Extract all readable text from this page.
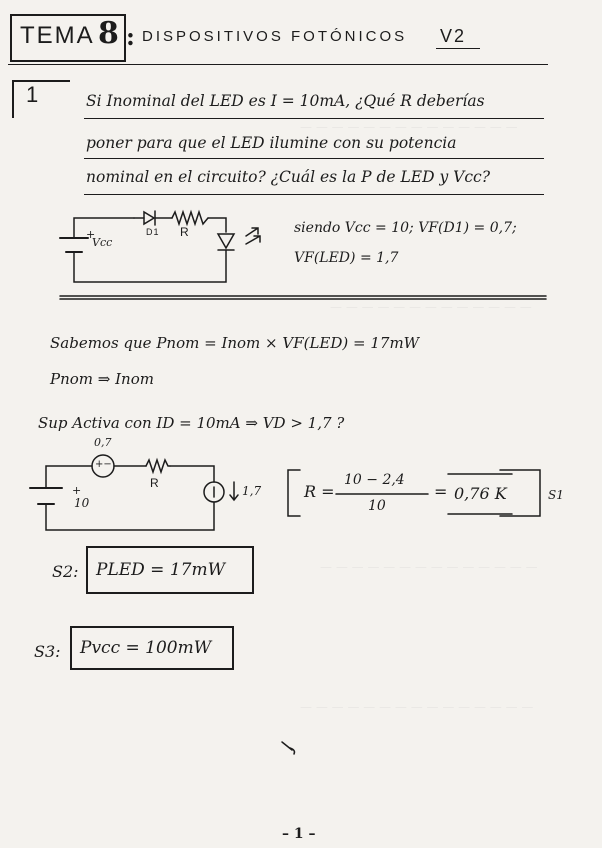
— — — — — — — — — — — — — —
— — — — — — — — — — — — —
— — — — — — — — — — — — — —
— — — — — — — — — — — — — — —
TEMA 8 : DISPOSITIVOS FOTÓNICOS V2
1	Si Inominal del LED es I = 10mA, ¿Qué R deberías
poner para que el LED ilumine con su potencia
nominal en el circuito? ¿Cuál es la P de LED y Vcc?
D1 R
+
Vcc
siendo Vcc = 10; VF(D1) = 0,7;
VF(LED) = 1,7
Sabemos que Pnom = Inom × VF(LED) = 17mW
Pnom ⇒ Inom
Sup Activa con ID = 10mA ⇒ VD > 1,7 ?
0,7
+−
R
+
10
1,7	R =
10 − 2,4
10
= 0,76 K	S1
S2: PLED = 17mW
S3: Pvcc = 100mW
– 1 –
